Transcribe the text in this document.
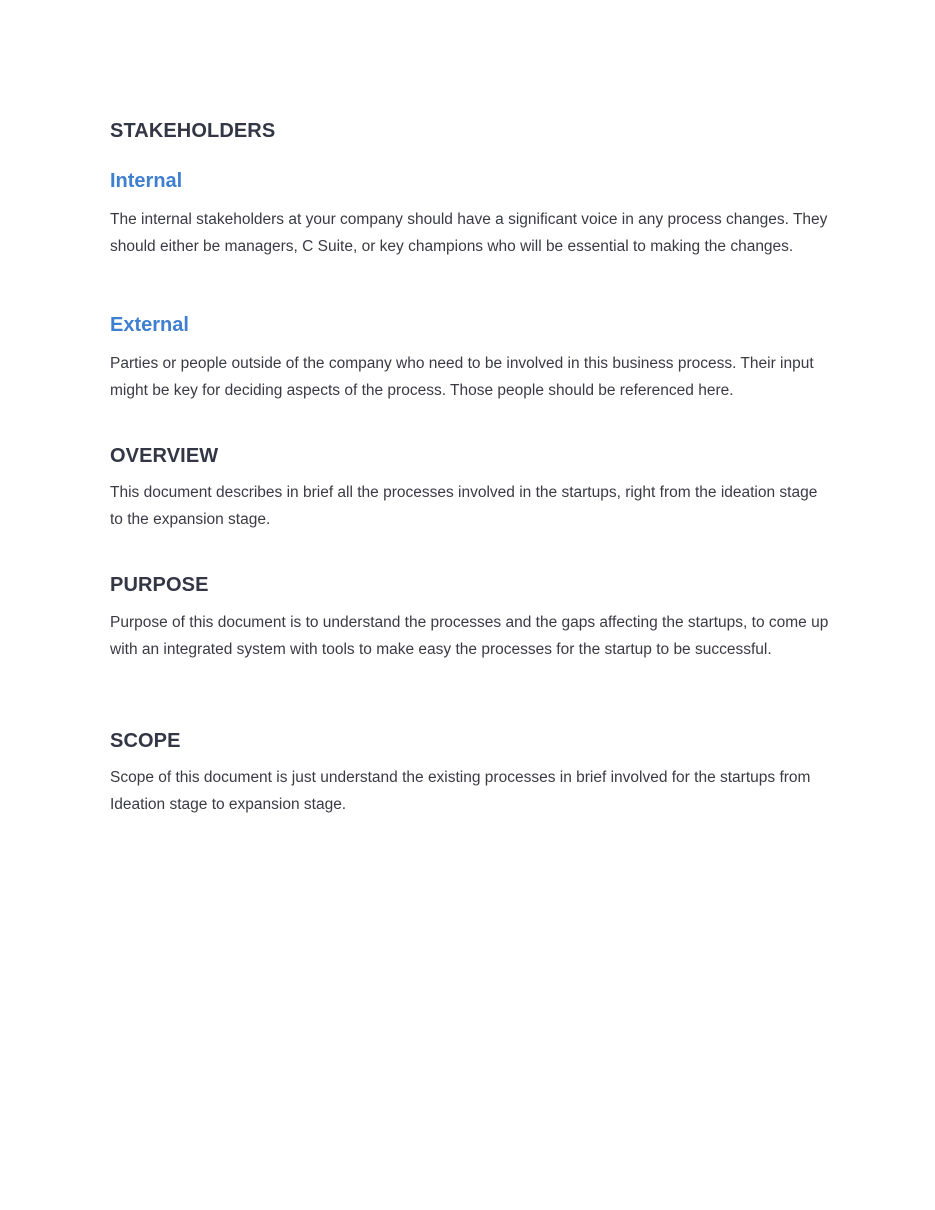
STAKEHOLDERS
Internal

The internal stakeholders at your company should have a significant voice in any process changes. They should either be managers, C Suite, or key champions who will be essential to making the changes.

External

Parties or people outside of the company who need to be involved in this business process. Their input might be key for deciding aspects of the process. Those people should be referenced here.

OVERVIEW

This document describes in brief all the processes involved in the startups, right from the ideation stage to the expansion stage.

PURPOSE

Purpose of this document is to understand the processes and the gaps affecting the startups, to come up with an integrated system with tools to make easy the processes for the startup to be successful.

SCOPE

Scope of this document is just understand the existing processes in brief involved for the startups from Ideation stage to expansion stage.
